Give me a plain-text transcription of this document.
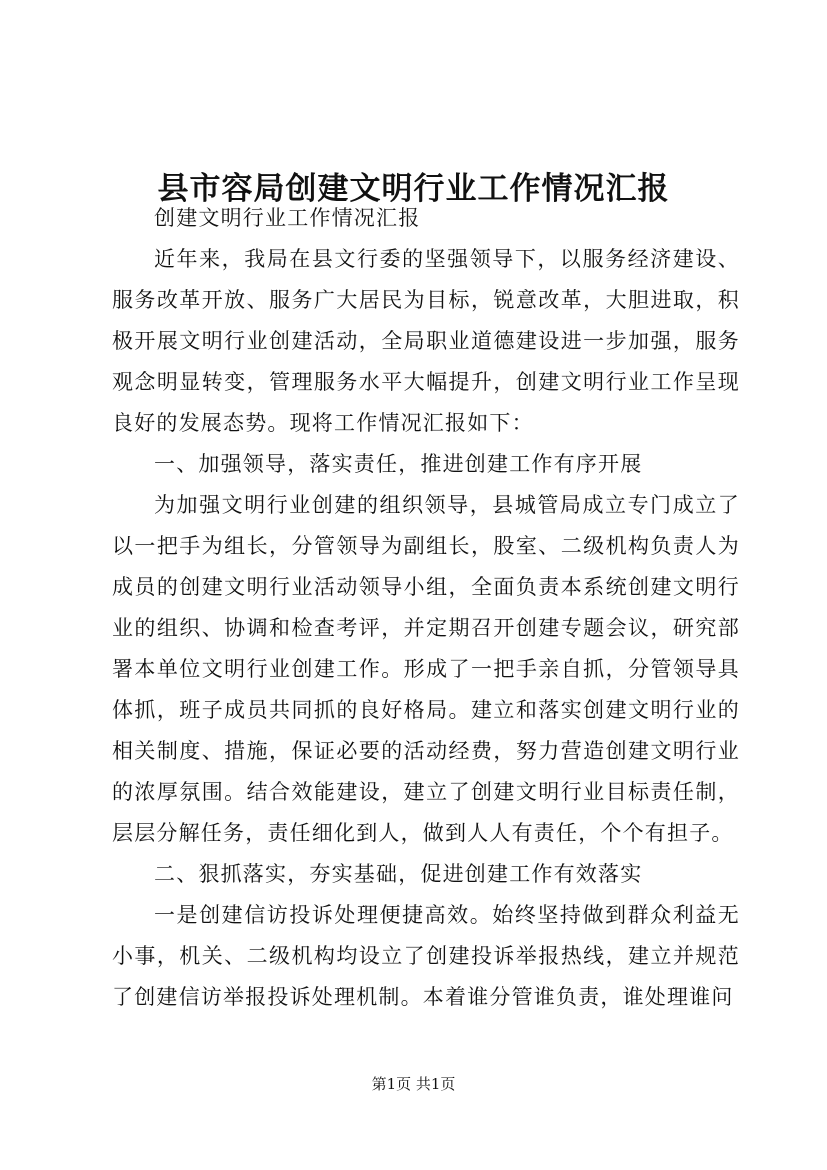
县市容局创建文明行业工作情况汇报

创建文明行业工作情况汇报

近年来，我局在县文行委的坚强领导下，以服务经济建设、服务改革开放、服务广大居民为目标，锐意改革，大胆进取，积极开展文明行业创建活动，全局职业道德建设进一步加强，服务观念明显转变，管理服务水平大幅提升，创建文明行业工作呈现良好的发展态势。现将工作情况汇报如下：

一、加强领导，落实责任，推进创建工作有序开展

为加强文明行业创建的组织领导，县城管局成立专门成立了以一把手为组长，分管领导为副组长，股室、二级机构负责人为成员的创建文明行业活动领导小组，全面负责本系统创建文明行业的组织、协调和检查考评，并定期召开创建专题会议，研究部署本单位文明行业创建工作。形成了一把手亲自抓，分管领导具体抓，班子成员共同抓的良好格局。建立和落实创建文明行业的相关制度、措施，保证必要的活动经费，努力营造创建文明行业的浓厚氛围。结合效能建设，建立了创建文明行业目标责任制，层层分解任务，责任细化到人，做到人人有责任，个个有担子。

二、狠抓落实，夯实基础，促进创建工作有效落实

一是创建信访投诉处理便捷高效。始终坚持做到群众利益无小事，机关、二级机构均设立了创建投诉举报热线，建立并规范了创建信访举报投诉处理机制。本着谁分管谁负责，谁处理谁问

第1页 共1页
